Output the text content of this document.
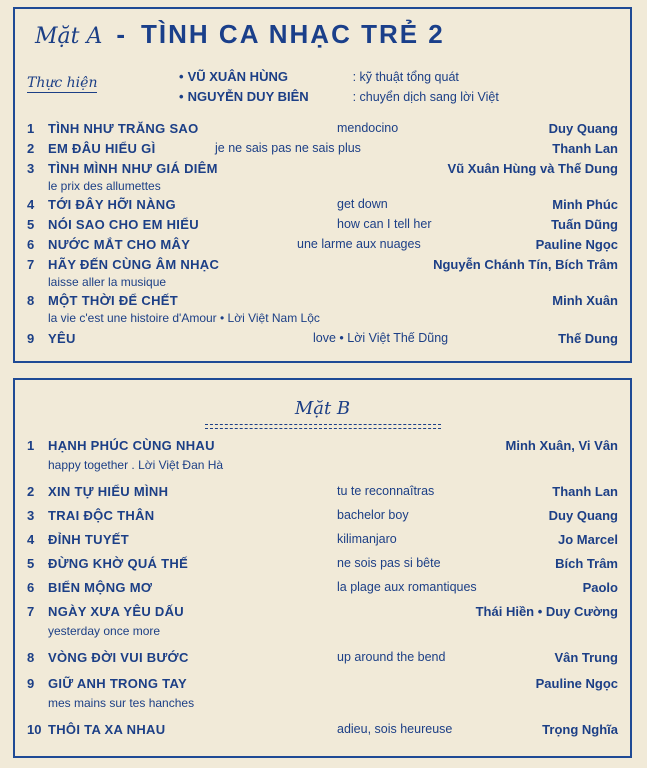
Mặt A - TÌNH CA NHẠC TRẺ 2
Thực hiện	• VŨ XUÂN HÙNG	: kỹ thuật tổng quát
• NGUYỄN DUY BIÊN	: chuyển dịch sang lời Việt
1 TÌNH NHƯ TRĂNG SAO	mendocino	Duy Quang
2 EM ĐÂU HIỂU GÌ	je ne sais pas ne sais plus	Thanh Lan
3 TÌNH MÌNH NHƯ GIÁ DIÊM	Vũ Xuân Hùng và Thế Dung
le prix des allumettes
4 TỚI ĐÂY HỠI NÀNG	get down	Minh Phúc
5 NÓI SAO CHO EM HIỂU	how can I tell her	Tuấn Dũng
6 NƯỚC MẮT CHO MÂY	une larme aux nuages	Pauline Ngọc
7 HÃY ĐẾN CÙNG ÂM NHẠC	Nguyễn Chánh Tín, Bích Trâm
laisse aller la musique
8 MỘT THỜI ĐỂ CHẾT	Minh Xuân
la vie c'est une histoire d'Amour • Lời Việt Nam Lộc
9 YÊU	love • Lời Việt Thế Dũng	Thế Dung
Mặt B
1 HẠNH PHÚC CÙNG NHAU	Minh Xuân, Vi Vân
happy together . Lời Việt Đan Hà
2 XIN TỰ HIỂU MÌNH	tu te reconnaîtras	Thanh Lan
3 TRAI ĐỘC THÂN	bachelor boy	Duy Quang
4 ĐỈNH TUYẾT	kilimanjaro	Jo Marcel
5 ĐỪNG KHỜ QUÁ THẾ	ne sois pas si bête	Bích Trâm
6 BIỂN MỘNG MƠ	la plage aux romantiques	Paolo
7 NGÀY XƯA YÊU DẤU	Thái Hiền • Duy Cường
yesterday once more
8 VÒNG ĐỜI VUI BƯỚC	up around the bend	Vân Trung
9 GIỮ ANH TRONG TAY	Pauline Ngọc
mes mains sur tes hanches
10 THÔI TA XA NHAU	adieu, sois heureuse	Trọng Nghĩa
